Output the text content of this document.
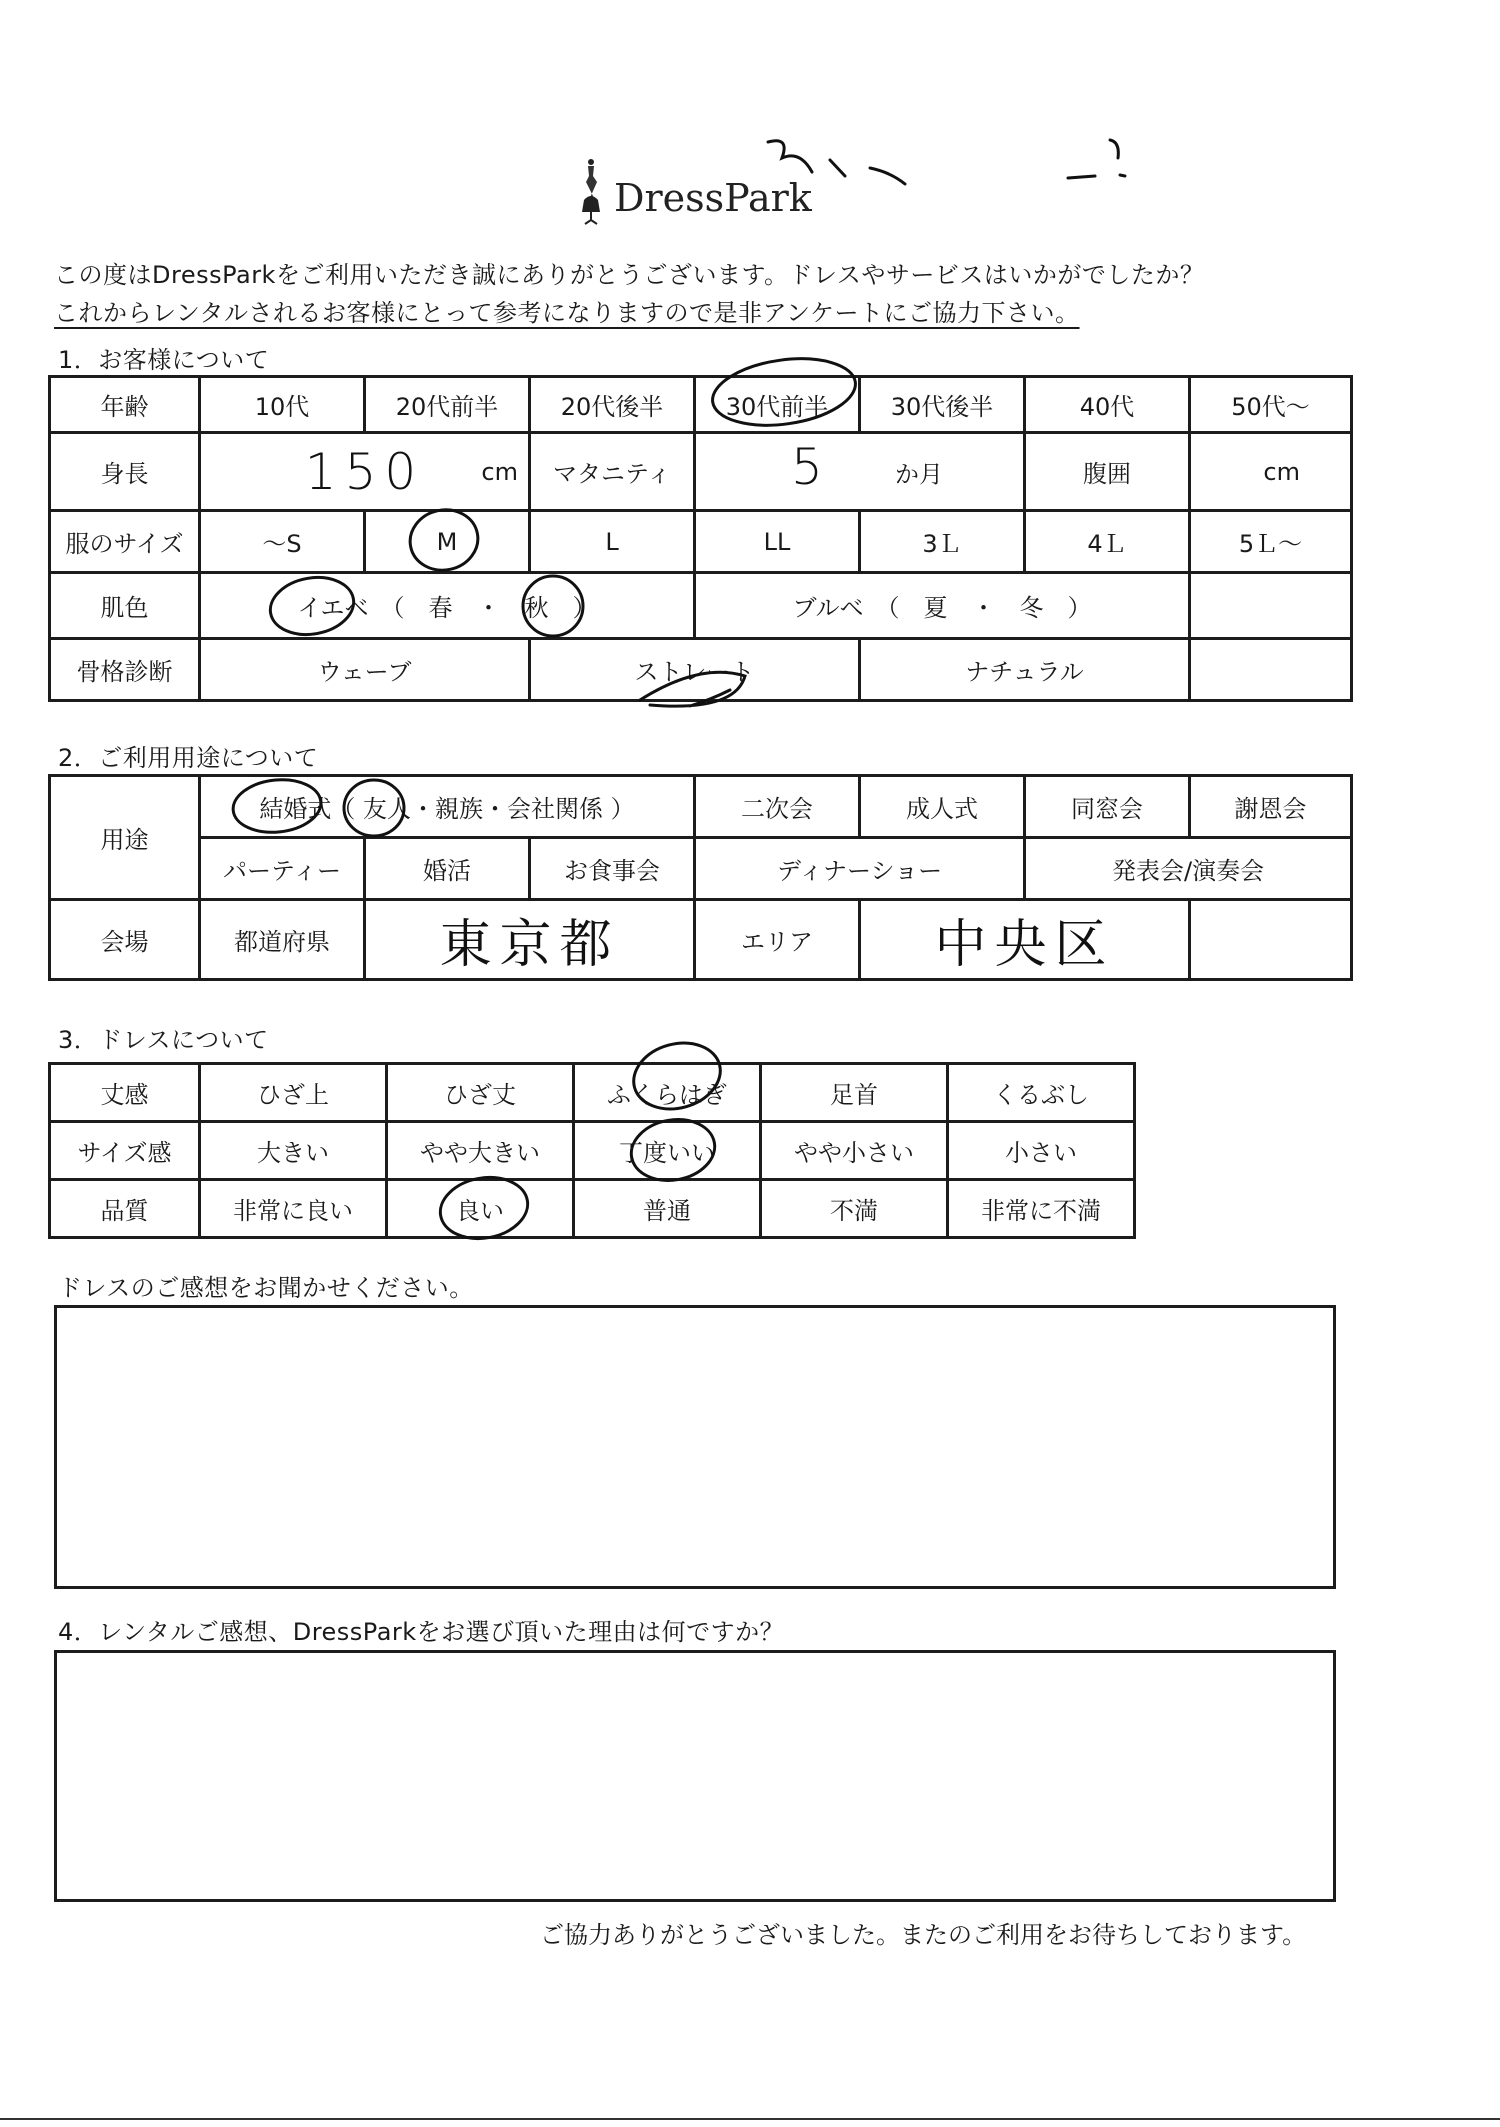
DressPark
この度はDressParkをご利用いただき誠にありがとうございます。ドレスやサービスはいかがでしたか？
これからレンタルされるお客様にとって参考になりますので是非アンケートにご協力下さい。
1．お客様について
年齢	10代	20代前半	20代後半	30代前半	30代後半	40代	50代〜
身長	150 cm		マタニティ	5 か月		腹囲	cm

服のサイズ	〜S	M	L	LL	3Ｌ	4Ｌ	5Ｌ〜
肌色	イエベ　（　春　・　秋　）			ブルベ　（　夏　・　冬　）			
骨格診断	ウェーブ		ストレート		ナチュラル		
2．ご利用用途について
用途	結婚式（ 友人・親族・会社関係 ）			二次会	成人式	同窓会	謝恩会
	パーティー	婚活	お食事会	ディナーショー		発表会/演奏会	
会場	都道府県	東京都		エリア	中央区		
3．ドレスについて
丈感	ひざ上	ひざ丈	ふくらはぎ	足首	くるぶし
サイズ感	大きい	やや大きい	丁度いい	やや小さい	小さい
品質	非常に良い	良い	普通	不満	非常に不満
ドレスのご感想をお聞かせください。
4．レンタルご感想、DressParkをお選び頂いた理由は何ですか？
ご協力ありがとうございました。またのご利用をお待ちしております。
